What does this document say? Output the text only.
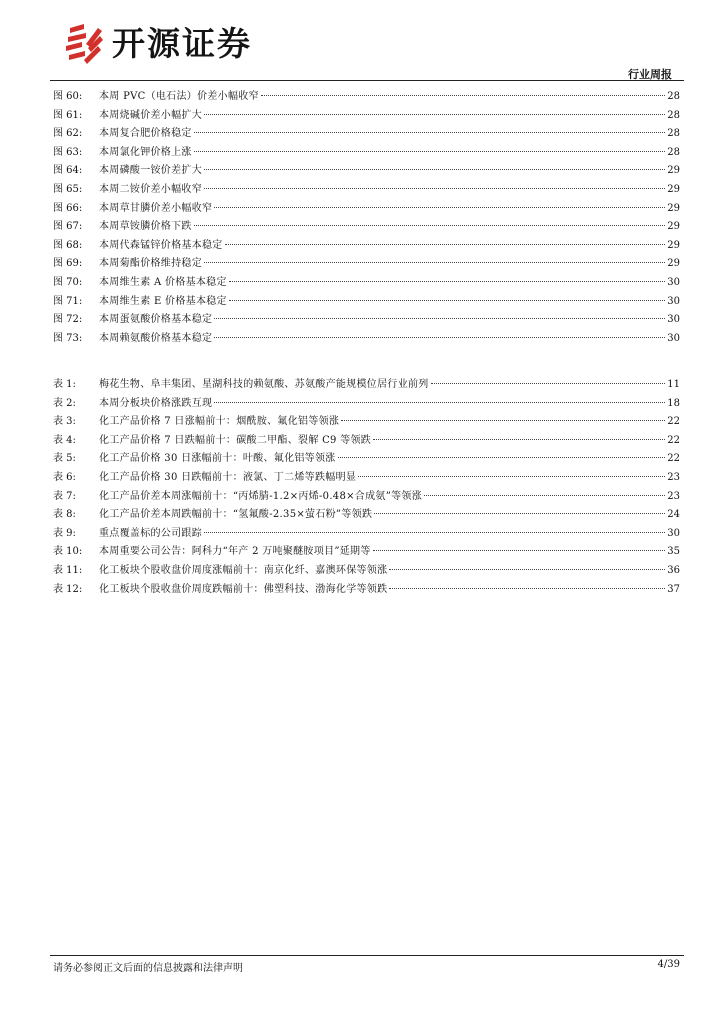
开源证券
行业周报
图 60:	本周 PVC（电石法）价差小幅收窄	28
图 61:	本周烧碱价差小幅扩大	28
图 62:	本周复合肥价格稳定	28
图 63:	本周氯化钾价格上涨	28
图 64:	本周磷酸一铵价差扩大	29
图 65:	本周二铵价差小幅收窄	29
图 66:	本周草甘膦价差小幅收窄	29
图 67:	本周草铵膦价格下跌	29
图 68:	本周代森锰锌价格基本稳定	29
图 69:	本周菊酯价格维持稳定	29
图 70:	本周维生素 A 价格基本稳定	30
图 71:	本周维生素 E 价格基本稳定	30
图 72:	本周蛋氨酸价格基本稳定	30
图 73:	本周赖氨酸价格基本稳定	30
表 1:	梅花生物、阜丰集团、星湖科技的赖氨酸、苏氨酸产能规模位居行业前列	11
表 2:	本周分板块价格涨跌互现	18
表 3:	化工产品价格 7 日涨幅前十：烟酰胺、氟化铝等领涨	22
表 4:	化工产品价格 7 日跌幅前十：碳酸二甲酯、裂解 C9 等领跌	22
表 5:	化工产品价格 30 日涨幅前十：叶酸、氟化铝等领涨	22
表 6:	化工产品价格 30 日跌幅前十：液氯、丁二烯等跌幅明显	23
表 7:	化工产品价差本周涨幅前十：“丙烯腈-1.2×丙烯-0.48×合成氨”等领涨	23
表 8:	化工产品价差本周跌幅前十：“氢氟酸-2.35×萤石粉”等领跌	24
表 9:	重点覆盖标的公司跟踪	30
表 10:	本周重要公司公告：阿科力“年产 2 万吨聚醚胺项目”延期等	35
表 11:	化工板块个股收盘价周度涨幅前十：南京化纤、嘉澳环保等领涨	36
表 12:	化工板块个股收盘价周度跌幅前十：佛塑科技、渤海化学等领跌	37
请务必参阅正文后面的信息披露和法律声明	4/39
